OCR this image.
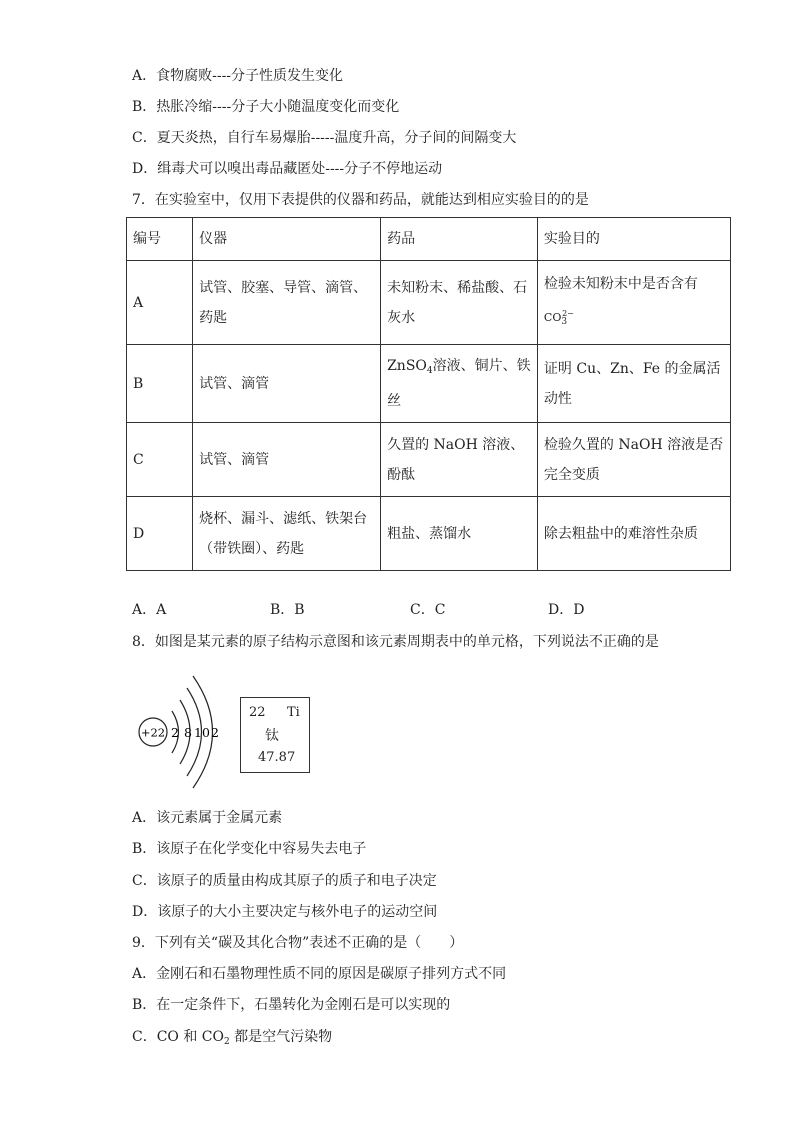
A．食物腐败----分子性质发生变化
B．热胀冷缩----分子大小随温度变化而变化
C．夏天炎热，自行车易爆胎-----温度升高，分子间的间隔变大
D．缉毒犬可以嗅出毒品藏匿处----分子不停地运动
7．在实验室中，仅用下表提供的仪器和药品，就能达到相应实验目的的是
编号	仪器	药品	实验目的
A	试管、胶塞、导管、滴管、药匙	未知粉末、稀盐酸、石灰水	检验未知粉末中是否含有
$CO_3^{2-}$
B	试管、滴管	ZnSO$_4$溶液、铜片、铁丝	证明 Cu、Zn、Fe 的金属活动性
C	试管、滴管	久置的 NaOH 溶液、酚酞	检验久置的 NaOH 溶液是否完全变质
D	烧杯、漏斗、滤纸、铁架台（带铁圈）、药匙	粗盐、蒸馏水	除去粗盐中的难溶性杂质
A．A	B．B	C．C	D．D
8．如图是某元素的原子结构示意图和该元素周期表中的单元格，下列说法不正确的是
+22 2 8 10 2
22 Ti
钛
47.87
A．该元素属于金属元素
B．该原子在化学变化中容易失去电子
C．该原子的质量由构成其原子的质子和电子决定
D．该原子的大小主要决定与核外电子的运动空间
9．下列有关“碳及其化合物”表述不正确的是（　　）
A．金刚石和石墨物理性质不同的原因是碳原子排列方式不同
B．在一定条件下，石墨转化为金刚石是可以实现的
C．CO 和 $CO_2$ 都是空气污染物
